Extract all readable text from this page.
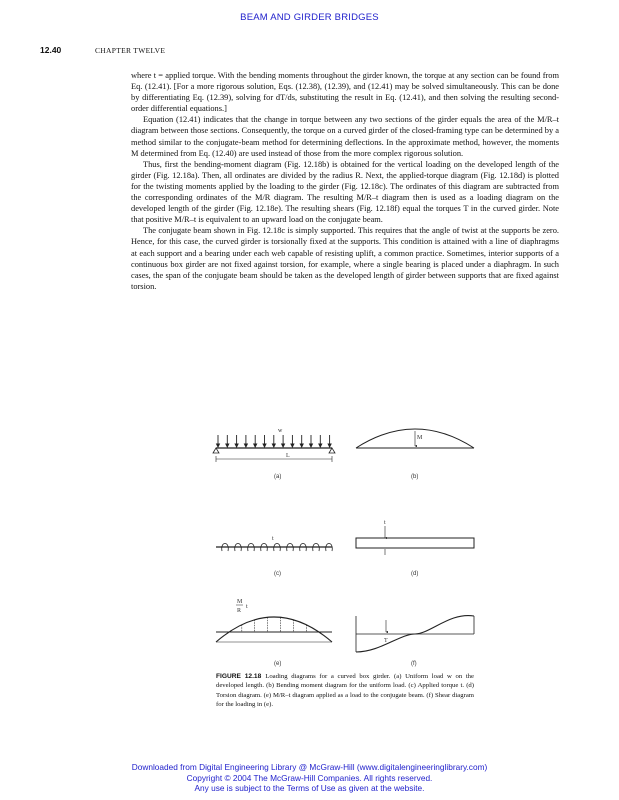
BEAM AND GIRDER BRIDGES
12.40	CHAPTER TWELVE

where t = applied torque. With the bending moments throughout the girder known, the torque at any section can be found from Eq. (12.41). [For a more rigorous solution, Eqs. (12.38), (12.39), and (12.41) may be solved simultaneously. This can be done by differentiating Eq. (12.39), solving for dT/ds, substituting the result in Eq. (12.41), and then solving the resulting second-order differential equations.]

Equation (12.41) indicates that the change in torque between any two sections of the girder equals the area of the M/R–t diagram between those sections. Consequently, the torque on a curved girder of the closed-framing type can be determined by a method similar to the conjugate-beam method for determining deflections. In the approximate method, however, the moments M determined from Eq. (12.40) are used instead of those from the more complex rigorous solution.

Thus, first the bending-moment diagram (Fig. 12.18b) is obtained for the vertical loading on the developed length of the girder (Fig. 12.18a). Then, all ordinates are divided by the radius R. Next, the applied-torque diagram (Fig. 12.18d) is plotted for the twisting moments applied by the loading to the girder (Fig. 12.18c). The ordinates of this diagram are subtracted from the corresponding ordinates of the M/R diagram. The resulting M/R–t diagram then is used as a loading diagram on the developed length of the girder (Fig. 12.18e). The resulting shears (Fig. 12.18f) equal the torques T in the curved girder. Note that positive M/R–t is equivalent to an upward load on the conjugate beam.

The conjugate beam shown in Fig. 12.18c is simply supported. This requires that the angle of twist at the supports be zero. Hence, for this case, the curved girder is torsionally fixed at the supports. This condition is attained with a line of diaphragms at each support and a bearing under each web capable of resisting uplift, a common practice. Sometimes, interior supports of a continuous box girder are not fixed against torsion, for example, where a single bearing is placed under a diaphragm. In such cases, the span of the conjugate beam should be taken as the developed length of girder between supports that are fixed against torsion.

w
L
(a)
M
(b)
t
(c)
t
(d)
M
R
t
(e)
T
(f)
FIGURE 12.18 Loading diagrams for a curved box girder. (a) Uniform load w on the developed length. (b) Bending moment diagram for the uniform load. (c) Applied torque t. (d) Torsion diagram. (e) M/R–t diagram applied as a load to the conjugate beam. (f) Shear diagram for the loading in (e).
Downloaded from Digital Engineering Library @ McGraw-Hill (www.digitalengineeringlibrary.com)
Copyright © 2004 The McGraw-Hill Companies. All rights reserved.
Any use is subject to the Terms of Use as given at the website.
